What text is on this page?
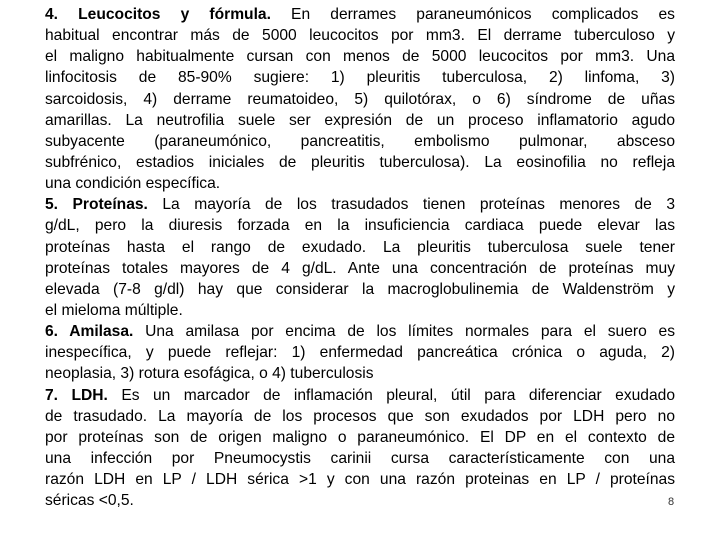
4. Leucocitos y fórmula. En derrames paraneumónicos complicados es
habitual encontrar más de 5000 leucocitos por mm3. El derrame tuberculoso y
el maligno habitualmente cursan con menos de 5000 leucocitos por mm3. Una
linfocitosis de 85-90% sugiere: 1) pleuritis tuberculosa, 2) linfoma, 3)
sarcoidosis, 4) derrame reumatoideo, 5) quilotórax, o 6) síndrome de uñas
amarillas. La neutrofilia suele ser expresión de un proceso inflamatorio agudo
subyacente (paraneumónico, pancreatitis, embolismo pulmonar, absceso
subfrénico, estadios iniciales de pleuritis tuberculosa). La eosinofilia no refleja
una condición específica.
5. Proteínas. La mayoría de los trasudados tienen proteínas menores de 3
g/dL, pero la diuresis forzada en la insuficiencia cardiaca puede elevar las
proteínas hasta el rango de exudado. La pleuritis tuberculosa suele tener
proteínas totales mayores de 4 g/dL. Ante una concentración de proteínas muy
elevada (7-8 g/dl) hay que considerar la macroglobulinemia de Waldenström y
el mieloma múltiple.
6. Amilasa. Una amilasa por encima de los límites normales para el suero es
inespecífica, y puede reflejar: 1) enfermedad pancreática crónica o aguda, 2)
neoplasia, 3) rotura esofágica, o 4) tuberculosis
7. LDH. Es un marcador de inflamación pleural, útil para diferenciar exudado
de trasudado. La mayoría de los procesos que son exudados por LDH pero no
por proteínas son de origen maligno o paraneumónico. El DP en el contexto de
una infección por Pneumocystis carinii cursa característicamente con una
razón LDH en LP / LDH sérica >1 y con una razón proteinas en LP / proteínas
séricas <0,5.	8
